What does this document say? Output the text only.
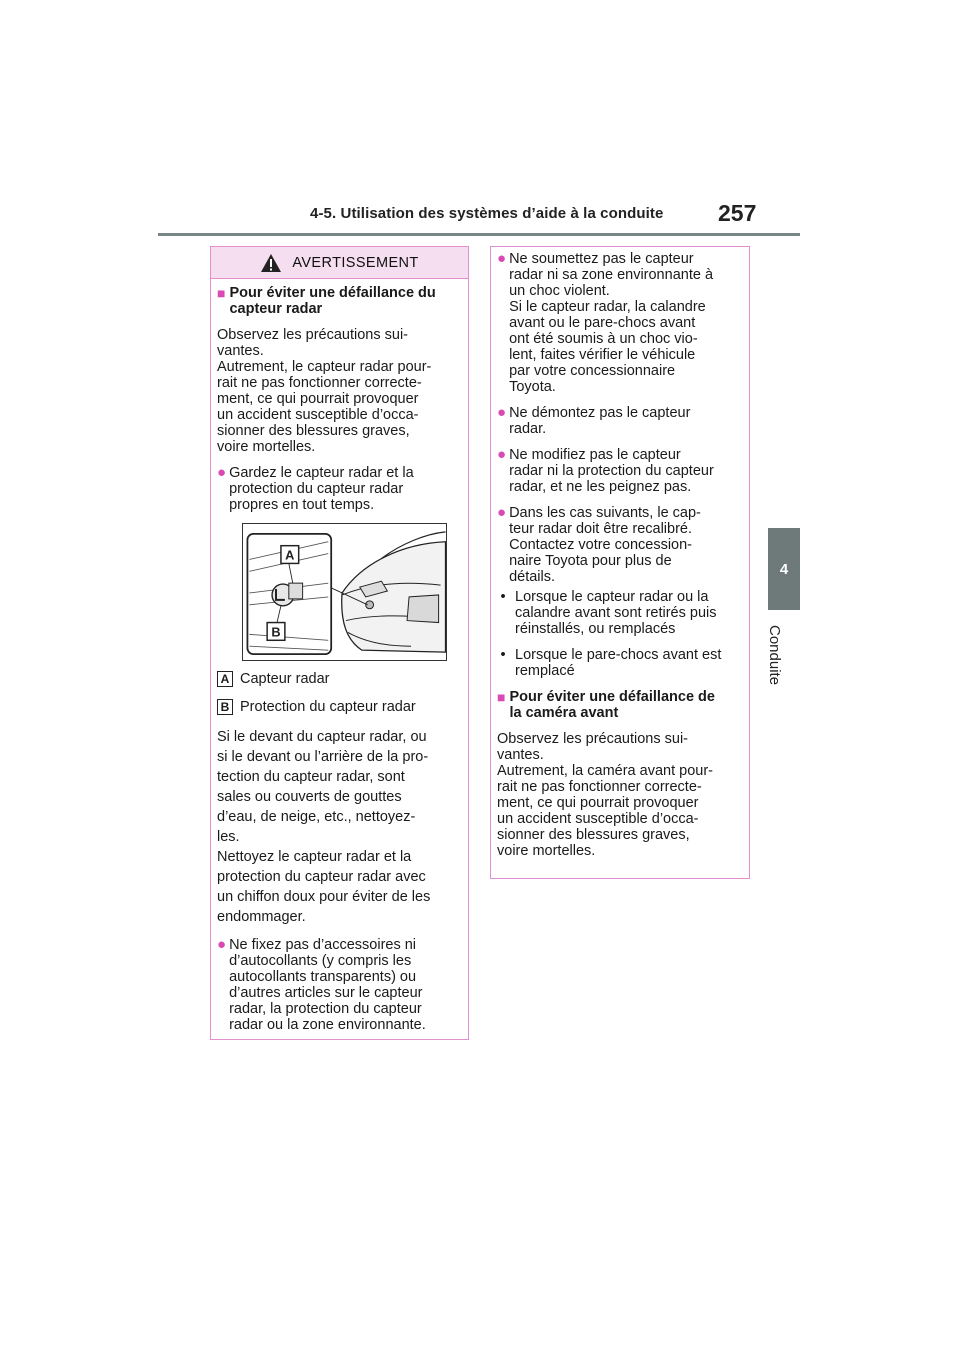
4-5. Utilisation des systèmes d’aide à la conduite 257
4
Conduite
AVERTISSEMENT
■ Pour éviter une défaillance du
capteur radar
Observez les précautions sui-
vantes.
Autrement, le capteur radar pour-
rait ne pas fonctionner correcte-
ment, ce qui pourrait provoquer
un accident susceptible d’occa-
sionner des blessures graves,
voire mortelles.
● Gardez le capteur radar et la
protection du capteur radar
propres en tout temps.
A
B
A Capteur radar
B Protection du capteur radar
Si le devant du capteur radar, ou
si le devant ou l’arrière de la pro-
tection du capteur radar, sont
sales ou couverts de gouttes
d’eau, de neige, etc., nettoyez-
les.
Nettoyez le capteur radar et la
protection du capteur radar avec
un chiffon doux pour éviter de les
endommager.
● Ne fixez pas d’accessoires ni
d’autocollants (y compris les
autocollants transparents) ou
d’autres articles sur le capteur
radar, la protection du capteur
radar ou la zone environnante.
● Ne soumettez pas le capteur
radar ni sa zone environnante à
un choc violent.
Si le capteur radar, la calandre
avant ou le pare-chocs avant
ont été soumis à un choc vio-
lent, faites vérifier le véhicule
par votre concessionnaire
Toyota.
● Ne démontez pas le capteur
radar.
● Ne modifiez pas le capteur
radar ni la protection du capteur
radar, et ne les peignez pas.
● Dans les cas suivants, le cap-
teur radar doit être recalibré.
Contactez votre concession-
naire Toyota pour plus de
détails.
• Lorsque le capteur radar ou la
calandre avant sont retirés puis
réinstallés, ou remplacés
• Lorsque le pare-chocs avant est
remplacé
■ Pour éviter une défaillance de
la caméra avant
Observez les précautions sui-
vantes.
Autrement, la caméra avant pour-
rait ne pas fonctionner correcte-
ment, ce qui pourrait provoquer
un accident susceptible d’occa-
sionner des blessures graves,
voire mortelles.
